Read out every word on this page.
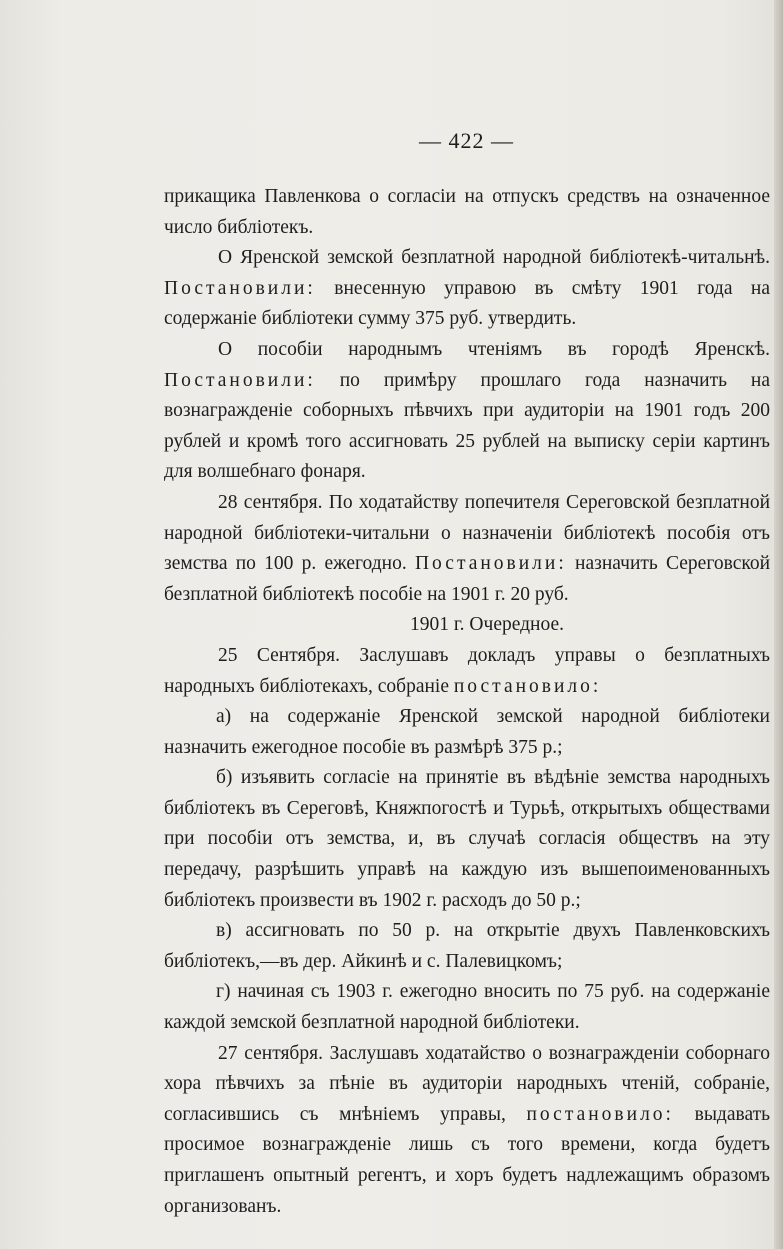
— 422 —

прикащика Павленкова о согласіи на отпускъ средствъ на означенное число библіотекъ.

О Яренской земской безплатной народной библіотекѣ-читальнѣ. Постановили: внесенную управою въ смѣту 1901 года на содержаніе библіотеки сумму 375 руб. утвердить.

О пособіи народнымъ чтеніямъ въ городѣ Яренскѣ. Постановили: по примѣру прошлаго года назначить на вознагражденіе соборныхъ пѣвчихъ при аудиторіи на 1901 годъ 200 рублей и кромѣ того ассигновать 25 рублей на выписку серіи картинъ для волшебнаго фонаря.

28 сентября. По ходатайству попечителя Сереговской безплатной народной библіотеки-читальни о назначеніи библіотекѣ пособія отъ земства по 100 р. ежегодно. Постановили: назначить Сереговской безплатной библіотекѣ пособіе на 1901 г. 20 руб.

1901 г. Очередное.

25 Сентября. Заслушавъ докладъ управы о безплатныхъ народныхъ библіотекахъ, собраніе постановило:

а) на содержаніе Яренской земской народной библіотеки назначить ежегодное пособіе въ размѣрѣ 375 р.;

б) изъявить согласіе на принятіе въ вѣдѣніе земства народныхъ библіотекъ въ Сереговѣ, Княжпогостѣ и Турьѣ, открытыхъ обществами при пособіи отъ земства, и, въ случаѣ согласія обществъ на эту передачу, разрѣшить управѣ на каждую изъ вышепоименованныхъ библіотекъ произвести въ 1902 г. расходъ до 50 р.;

в) ассигновать по 50 р. на открытіе двухъ Павленковскихъ библіотекъ,—въ дер. Айкинѣ и с. Палевицкомъ;

г) начиная съ 1903 г. ежегодно вносить по 75 руб. на содержаніе каждой земской безплатной народной библіотеки.

27 сентября. Заслушавъ ходатайство о вознагражденіи соборнаго хора пѣвчихъ за пѣніе въ аудиторіи народныхъ чтеній, собраніе, согласившись съ мнѣніемъ управы, постановило: выдавать просимое вознагражденіе лишь съ того времени, когда будетъ приглашенъ опытный регентъ, и хоръ будетъ надлежащимъ образомъ организованъ.
